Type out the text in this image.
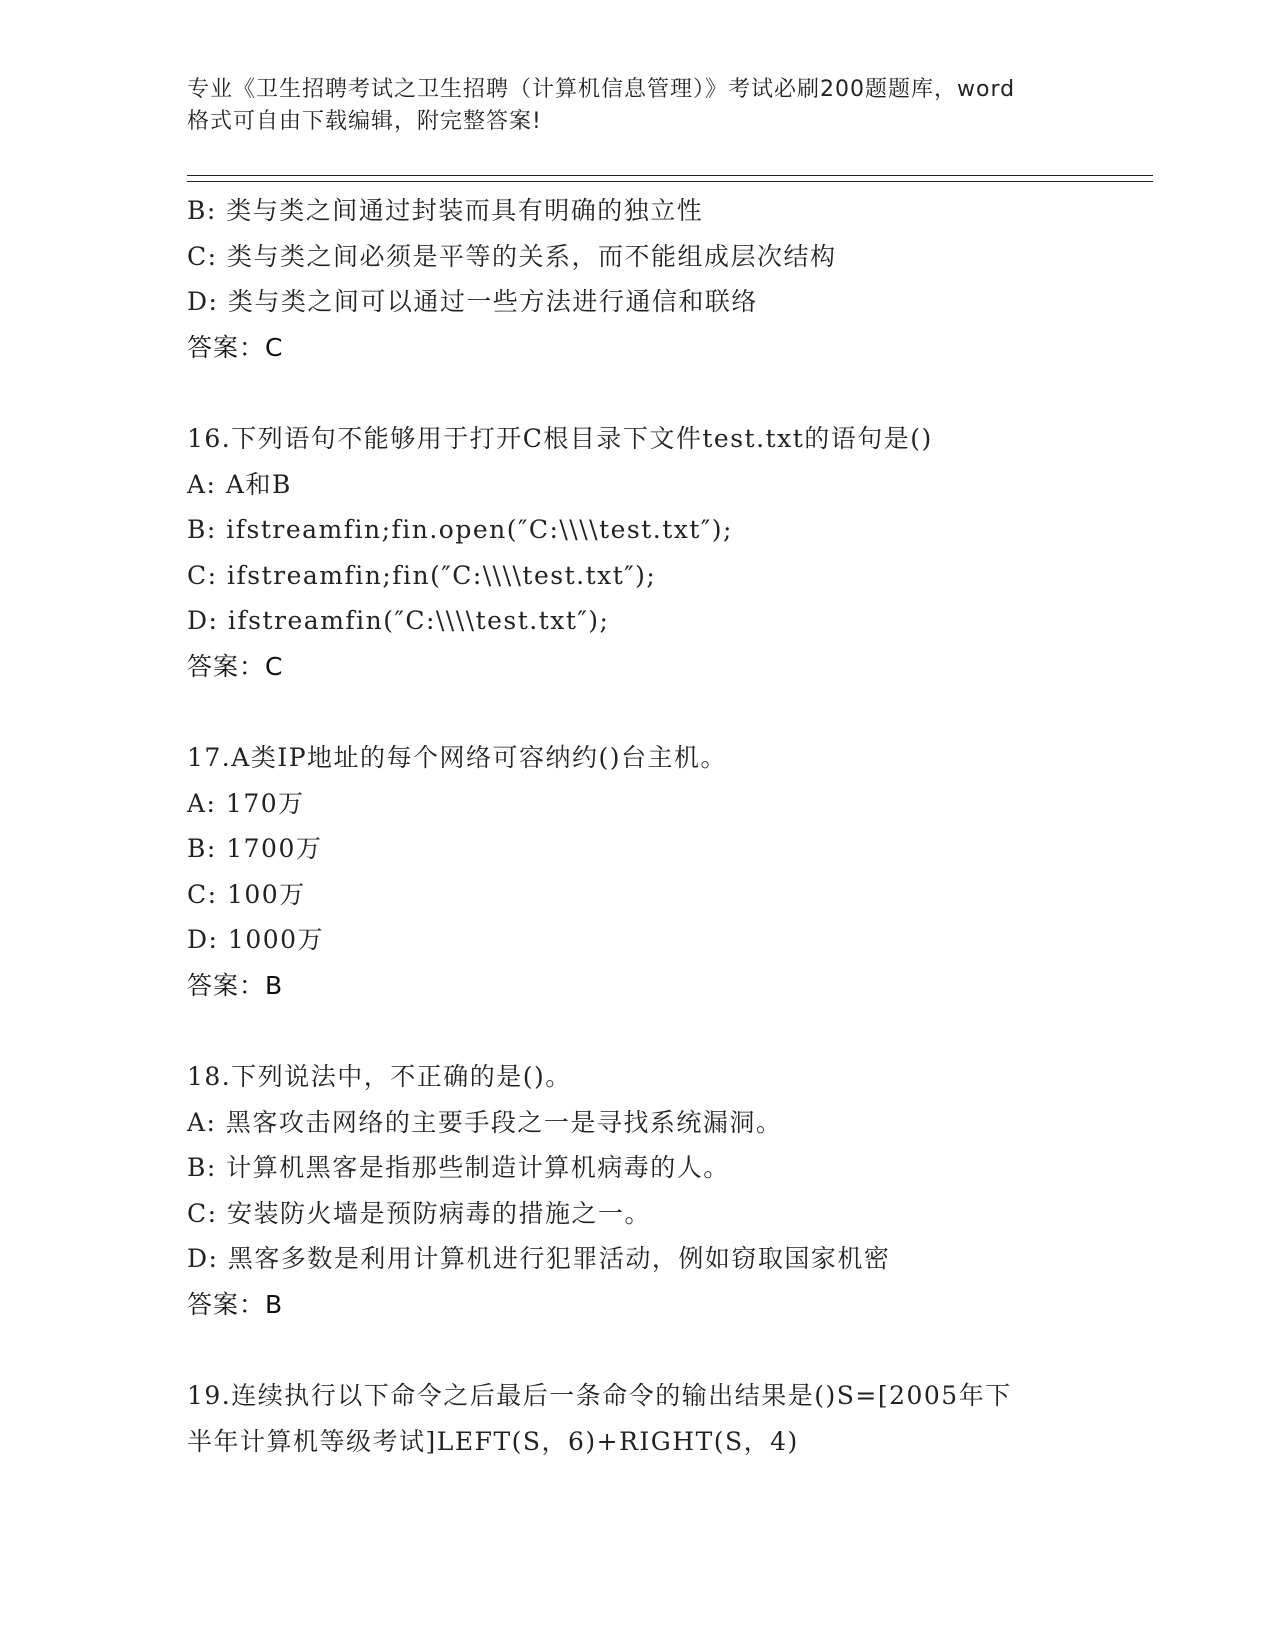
专业《卫生招聘考试之卫生招聘（计算机信息管理）》考试必刷200题题库，word
格式可自由下载编辑，附完整答案!
B: 类与类之间通过封装而具有明确的独立性
C: 类与类之间必须是平等的关系，而不能组成层次结构
D: 类与类之间可以通过一些方法进行通信和联络
答案：C
16.下列语句不能够用于打开C根目录下文件test.txt的语句是()
A: A和B
B: ifstreamfin;fin.open(″C:\\\\test.txt″);
C: ifstreamfin;fin(″C:\\\\test.txt″);
D: ifstreamfin(″C:\\\\test.txt″);
答案：C
17.A类IP地址的每个网络可容纳约()台主机。
A: 170万
B: 1700万
C: 100万
D: 1000万
答案：B
18.下列说法中，不正确的是()。
A: 黑客攻击网络的主要手段之一是寻找系统漏洞。
B: 计算机黑客是指那些制造计算机病毒的人。
C: 安装防火墙是预防病毒的措施之一。
D: 黑客多数是利用计算机进行犯罪活动，例如窃取国家机密
答案：B
19.连续执行以下命令之后最后一条命令的输出结果是()S=[2005年下
半年计算机等级考试]LEFT(S，6)+RIGHT(S，4)
